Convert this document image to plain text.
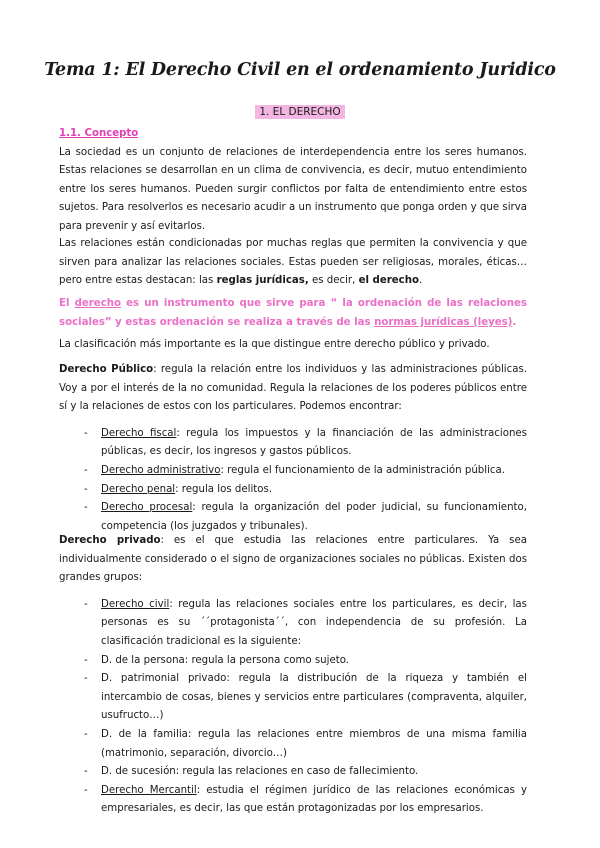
Tema 1: El Derecho Civil en el ordenamiento Juridico
1. EL DERECHO
1.1. Concepto
La sociedad es un conjunto de relaciones de interdependencia entre los seres humanos. Estas relaciones se desarrollan en un clima de convivencia, es decir, mutuo entendimiento entre los seres humanos. Pueden surgir conflictos por falta de entendimiento entre estos sujetos. Para resolverlos es necesario acudir a un instrumento que ponga orden y que sirva para prevenir y así evitarlos.
Las relaciones están condicionadas por muchas reglas que permiten la convivencia y que sirven para analizar las relaciones sociales. Estas pueden ser religiosas, morales, éticas… pero entre estas destacan: las reglas jurídicas, es decir, el derecho.
El derecho es un instrumento que sirve para “ la ordenación de las relaciones sociales” y estas ordenación se realiza a través de las normas jurídicas (leyes).
La clasificación más importante es la que distingue entre derecho público y privado.
Derecho Público: regula la relación entre los individuos y las administraciones públicas. Voy a por el interés de la no comunidad. Regula la relaciones de los poderes públicos entre sí y la relaciones de estos con los particulares. Podemos encontrar:
- Derecho fiscal: regula los impuestos y la financiación de las administraciones públicas, es decir, los ingresos y gastos públicos.
- Derecho administrativo: regula el funcionamiento de la administración pública.
- Derecho penal: regula los delitos.
- Derecho procesal: regula la organización del poder judicial, su funcionamiento, competencia (los juzgados y tribunales).
Derecho privado: es el que estudia las relaciones entre particulares. Ya sea individualmente considerado o el signo de organizaciones sociales no públicas. Existen dos grandes grupos:
- Derecho civil: regula las relaciones sociales entre los particulares, es decir, las personas es su ´´protagonista´´, con independencia de su profesión. La clasificación tradicional es la siguiente:
- D. de la persona: regula la persona como sujeto.
- D. patrimonial privado: regula la distribución de la riqueza y también el intercambio de cosas, bienes y servicios entre particulares (compraventa, alquiler, usufructo…)
- D. de la familia: regula las relaciones entre miembros de una misma familia (matrimonio, separación, divorcio…)
- D. de sucesión: regula las relaciones en caso de fallecimiento.
- Derecho Mercantil: estudia el régimen jurídico de las relaciones económicas y empresariales, es decir, las que están protagonizadas por los empresarios.
